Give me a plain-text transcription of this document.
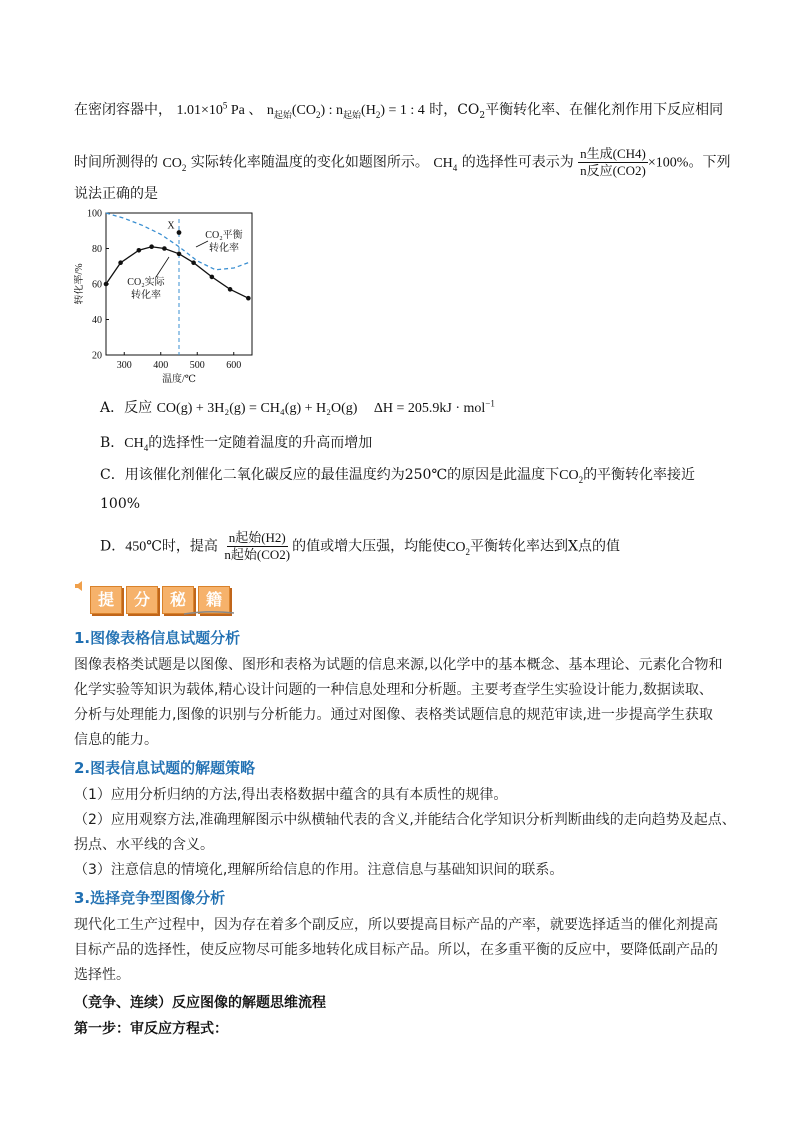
在密闭容器中， $1.01\times 10^5$ Pa 、 $n_{起始}(CO_2)$ : $n_{起始}(H_2) = 1$ : 4 时，$CO_2$平衡转化率、在催化剂作用下反应相同
时间所测得的 $CO_2$ 实际转化率随温度的变化如题图所示。 $CH_4$ 的选择性可表示为 $\frac{\text{n生成(CH4)}}{\text{n反应(CO2)}} \times 100\%$。下列
说法正确的是
20
40
60
80
100
300 400 500 600
温度/℃
转化率/%	CO₂实际
转化率
CO₂平衡
转化率
X
A．反应 CO(g) + 3H₂(g) = CH₄(g) + H₂O(g) ΔH = 205.9kJ · mol$^{-1}$
B．$CH_4$的选择性一定随着温度的升高而增加
C．用该催化剂催化二氧化碳反应的最佳温度约为250℃的原因是此温度下$CO_2$的平衡转化率接近
100%
D．450℃时，提高 $\frac{\text{n起始(H2)}}{\text{n起始(CO2)}}$ 的值或增大压强，均能使$CO_2$平衡转化率达到X点的值
提	分	秘	籍
1.图像表格信息试题分析
图像表格类试题是以图像、图形和表格为试题的信息来源,以化学中的基本概念、基本理论、元素化合物和
化学实验等知识为载体,精心设计问题的一种信息处理和分析题。主要考查学生实验设计能力,数据读取、
分析与处理能力,图像的识别与分析能力。通过对图像、表格类试题信息的规范审读,进一步提高学生获取
信息的能力。
2.图表信息试题的解题策略
（1）应用分析归纳的方法,得出表格数据中蕴含的具有本质性的规律。
（2）应用观察方法,准确理解图示中纵横轴代表的含义,并能结合化学知识分析判断曲线的走向趋势及起点、
拐点、水平线的含义。
（3）注意信息的情境化,理解所给信息的作用。注意信息与基础知识间的联系。
3.选择竞争型图像分析
现代化工生产过程中，因为存在着多个副反应，所以要提高目标产品的产率，就要选择适当的催化剂提高
目标产品的选择性，使反应物尽可能多地转化成目标产品。所以，在多重平衡的反应中，要降低副产品的
选择性。
（竞争、连续）反应图像的解题思维流程
第一步：审反应方程式：
